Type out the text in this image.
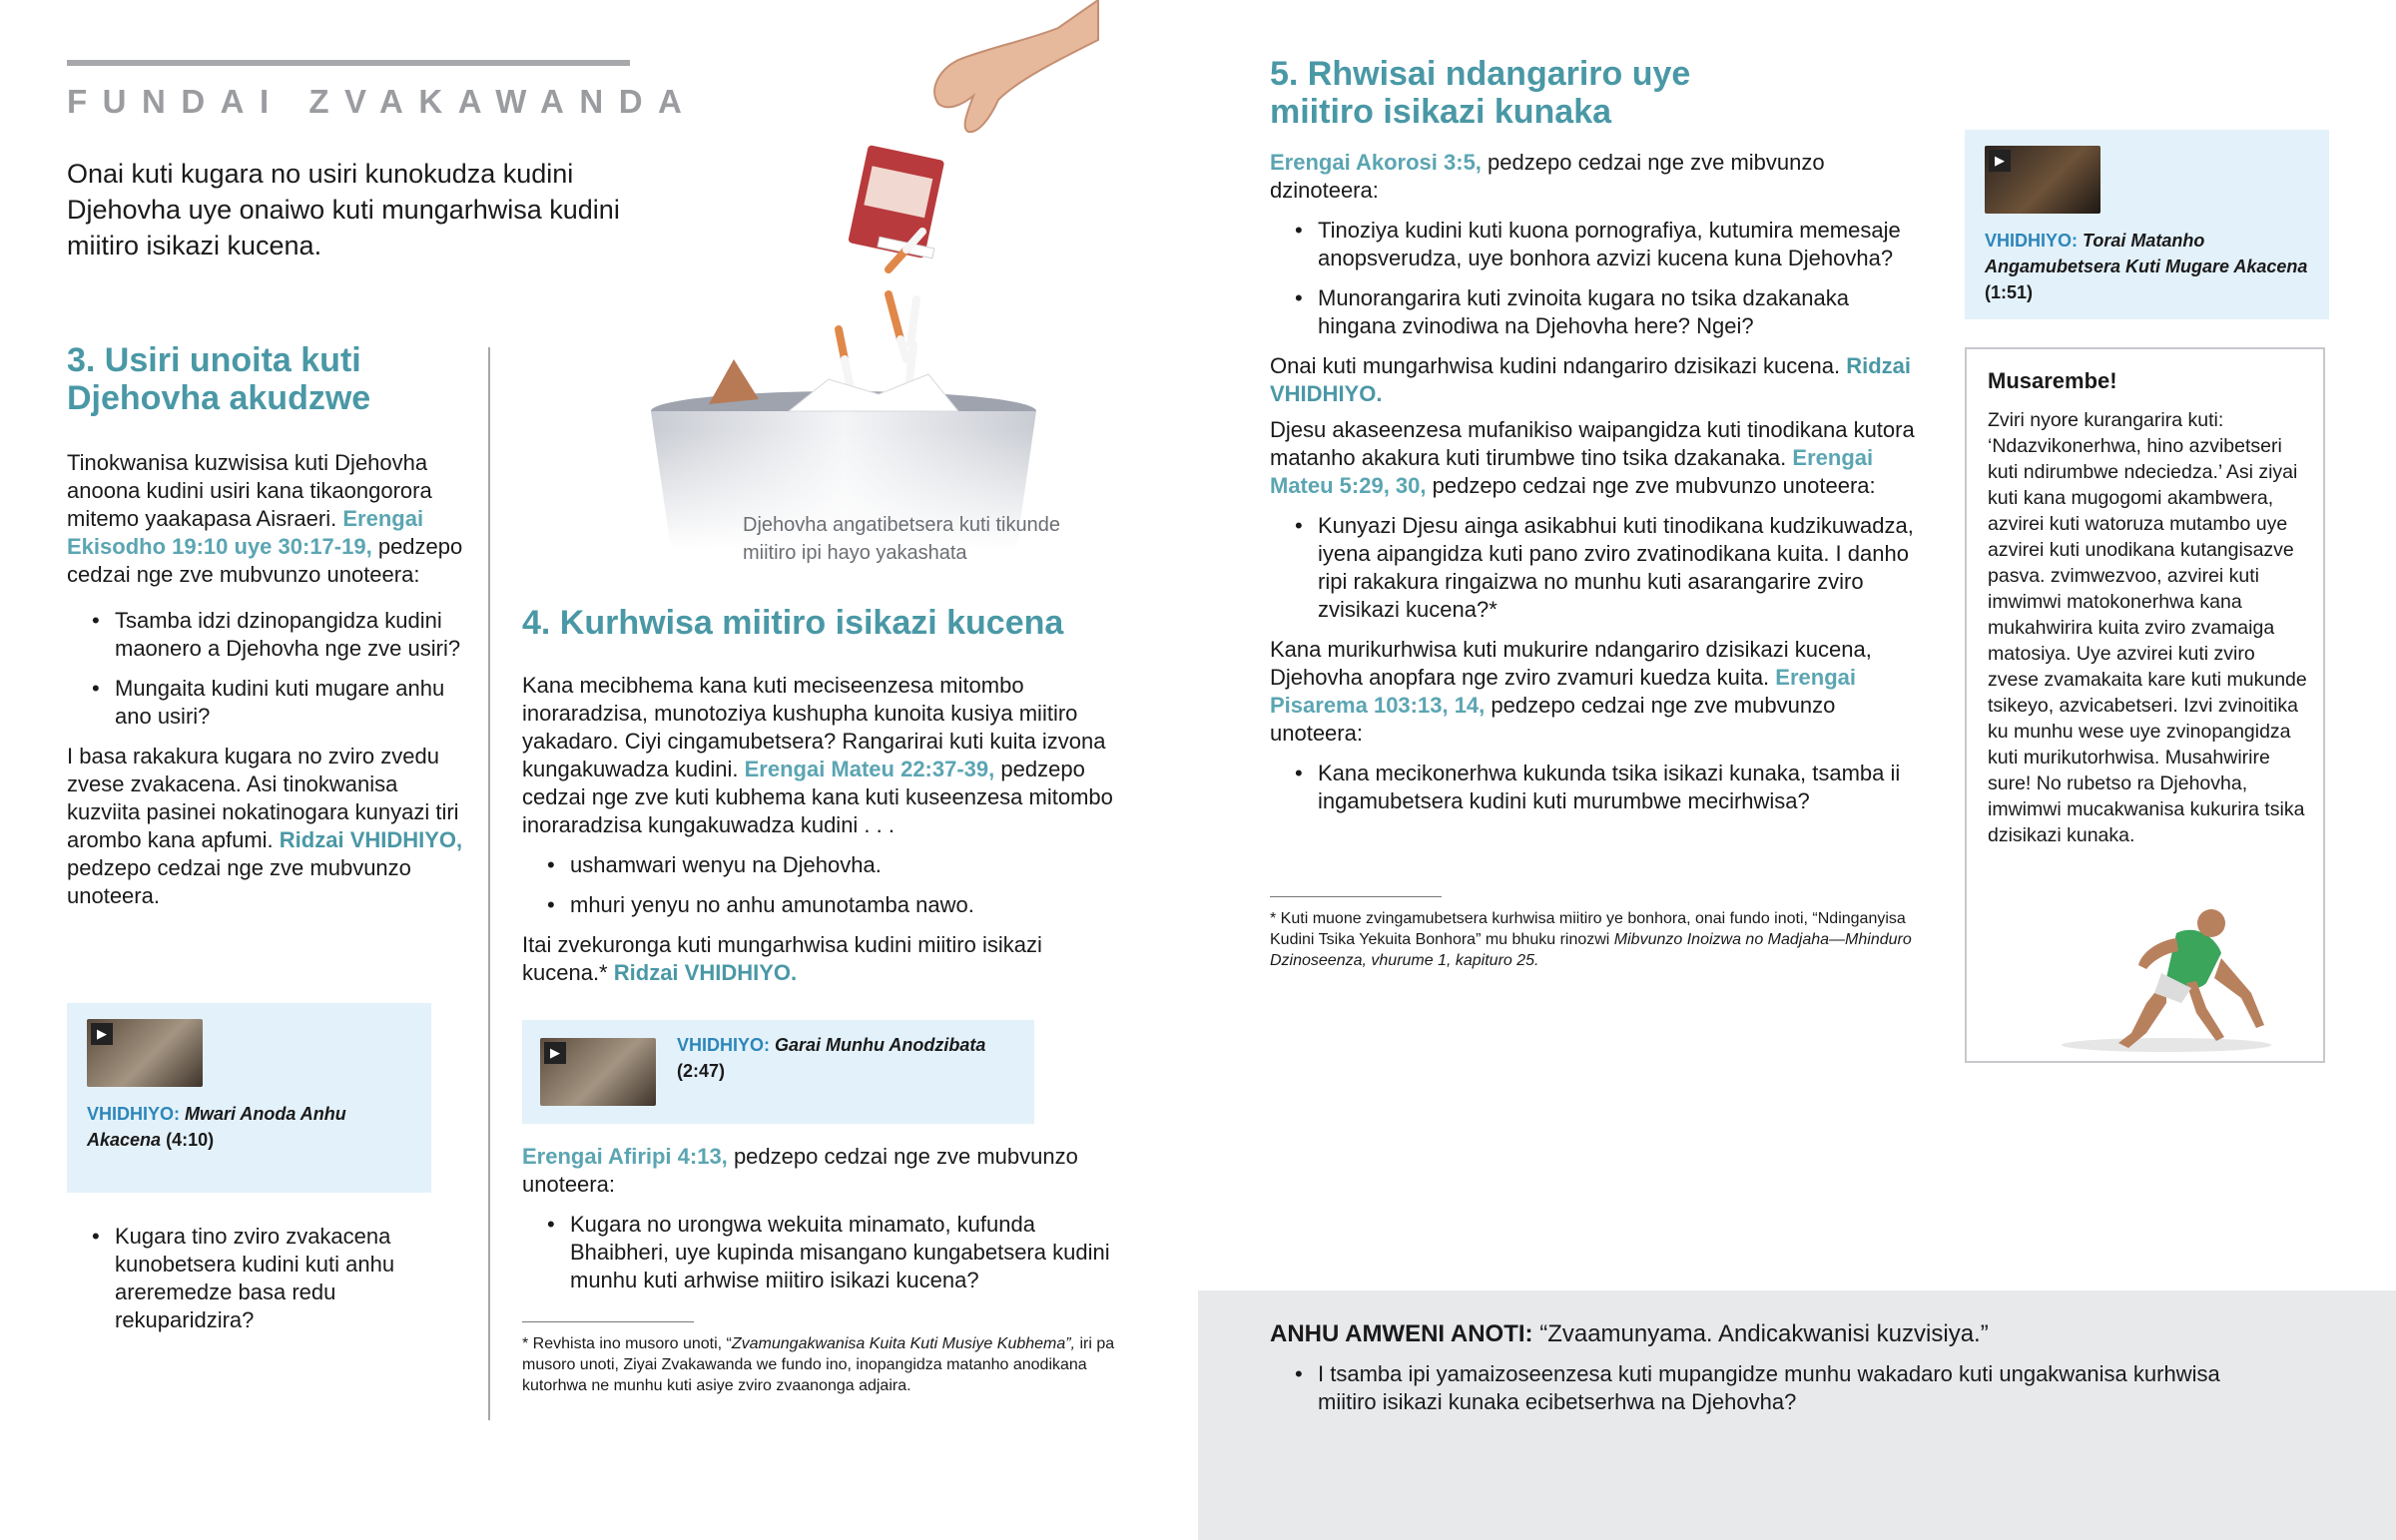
FUNDAI ZVAKAWANDA
Onai kuti kugara no usiri kunokudza kudini Djehovha uye onaiwo kuti mungarhwisa kudini miitiro isikazi kucena.
3. Usiri unoita kuti Djehovha akudzwe

Tinokwanisa kuzwisisa kuti Djehovha anoona kudini usiri kana tikaongorora mitemo yaakapasa Aisraeri. Erengai Ekisodho 19:10 uye 30:17-19, pedzepo cedzai nge zve mubvunzo unoteera:

• Tsamba idzi dzinopangidza kudini maonero a Djehovha nge zve usiri?
• Mungaita kudini kuti mugare anhu ano usiri?

I basa rakakura kugara no zviro zvedu zvese zvakacena. Asi tinokwanisa kuzviita pasinei nokatinogara kunyazi tiri arombo kana apfumi. Ridzai VHIDHIYO, pedzepo cedzai nge zve mubvunzo unoteera.

▶
VHIDHIYO: Mwari Anoda Anhu Akacena (4:10)
• Kugara tino zviro zvakacena kunobetsera kudini kuti anhu areremedze basa redu rekuparidzira?
Djehovha angatibetsera kuti tikunde miitiro ipi hayo yakashata
4. Kurhwisa miitiro isikazi kucena

Kana mecibhema kana kuti meciseenzesa mitombo inoraradzisa, munotoziya kushupha kunoita kusiya miitiro yakadaro. Ciyi cingamubetsera? Rangarirai kuti kuita izvona kungakuwadza kudini. Erengai Mateu 22:37-39, pedzepo cedzai nge zve kuti kubhema kana kuti kuseenzesa mitombo inoraradzisa kungakuwadza kudini . . .

• ushamwari wenyu na Djehovha.
• mhuri yenyu no anhu amunotamba nawo.

Itai zvekuronga kuti mungarhwisa kudini miitiro isikazi kucena.* Ridzai VHIDHIYO.

▶	VHIDHIYO: Garai Munhu Anodzibata
(2:47)

Erengai Afiripi 4:13, pedzepo cedzai nge zve mubvunzo unoteera:

• Kugara no urongwa wekuita minamato, kufunda Bhaibheri, uye kupinda misangano kungabetsera kudini munhu kuti arhwise miitiro isikazi kucena?
* Revhista ino musoro unoti, “Zvamungakwanisa Kuita Kuti Musiye Kubhema”, iri pa musoro unoti, Ziyai Zvakawanda we fundo ino, inopangidza matanho anodikana kutorhwa ne munhu kuti asiye zviro zvaanonga adjaira.
5. Rhwisai ndangariro uye miitiro isikazi kunaka

Erengai Akorosi 3:5, pedzepo cedzai nge zve mibvunzo dzinoteera:

• Tinoziya kudini kuti kuona pornografiya, kutumira memesaje anopsverudza, uye bonhora azvizi kucena kuna Djehovha?
• Munorangarira kuti zvinoita kugara no tsika dzakanaka hingana zvinodiwa na Djehovha here? Ngei?

Onai kuti mungarhwisa kudini ndangariro dzisikazi kucena. Ridzai VHIDHIYO.

Djesu akaseenzesa mufanikiso waipangidza kuti tinodikana kutora matanho akakura kuti tirumbwe tino tsika dzakanaka. Erengai Mateu 5:29, 30, pedzepo cedzai nge zve mubvunzo unoteera:

• Kunyazi Djesu ainga asikabhui kuti tinodikana kudzikuwadza, iyena aipangidza kuti pano zviro zvatinodikana kuita. I danho ripi rakakura ringaizwa no munhu kuti asarangarire zviro zvisikazi kucena?*

Kana murikurhwisa kuti mukurire ndangariro dzisikazi kucena, Djehovha anopfara nge zviro zvamuri kuedza kuita. Erengai Pisarema 103:13, 14, pedzepo cedzai nge zve mubvunzo unoteera:

• Kana mecikonerhwa kukunda tsika isikazi kunaka, tsamba ii ingamubetsera kudini kuti murumbwe mecirhwisa?
* Kuti muone zvingamubetsera kurhwisa miitiro ye bonhora, onai fundo inoti, “Ndinganyisa Kudini Tsika Yekuita Bonhora” mu bhuku rinozwi Mibvunzo Inoizwa no Madjaha—Mhinduro Dzinoseenza, vhurume 1, kapituro 25.
▶
VHIDHIYO: Torai Matanho Angamubetsera Kuti Mugare Akacena (1:51)
Musarembe!
Zviri nyore kurangarira kuti: ‘Ndazvikonerhwa, hino azvibetseri kuti ndirumbwe ndeciedza.’ Asi ziyai kuti kana mugogomi akambwera, azvirei kuti watoruza mutambo uye azvirei kuti unodikana kutangisazve pasva. zvimwezvoo, azvirei kuti imwimwi matokonerhwa kana mukahwirira kuita zviro zvamaiga matosiya. Uye azvirei kuti zviro zvese zvamakaita kare kuti mukunde tsikeyo, azvicabetseri. Izvi zvinoitika ku munhu wese uye zvinopangidza kuti murikutorhwisa. Musahwirire sure! No rubetso ra Djehovha, imwimwi mucakwanisa kukurira tsika dzisikazi kunaka.
ANHU AMWENI ANOTI: “Zvaamunyama. Andicakwanisi kuzvisiya.”
• I tsamba ipi yamaizoseenzesa kuti mupangidze munhu wakadaro kuti ungakwanisa kurhwisa miitiro isikazi kunaka ecibetserhwa na Djehovha?
